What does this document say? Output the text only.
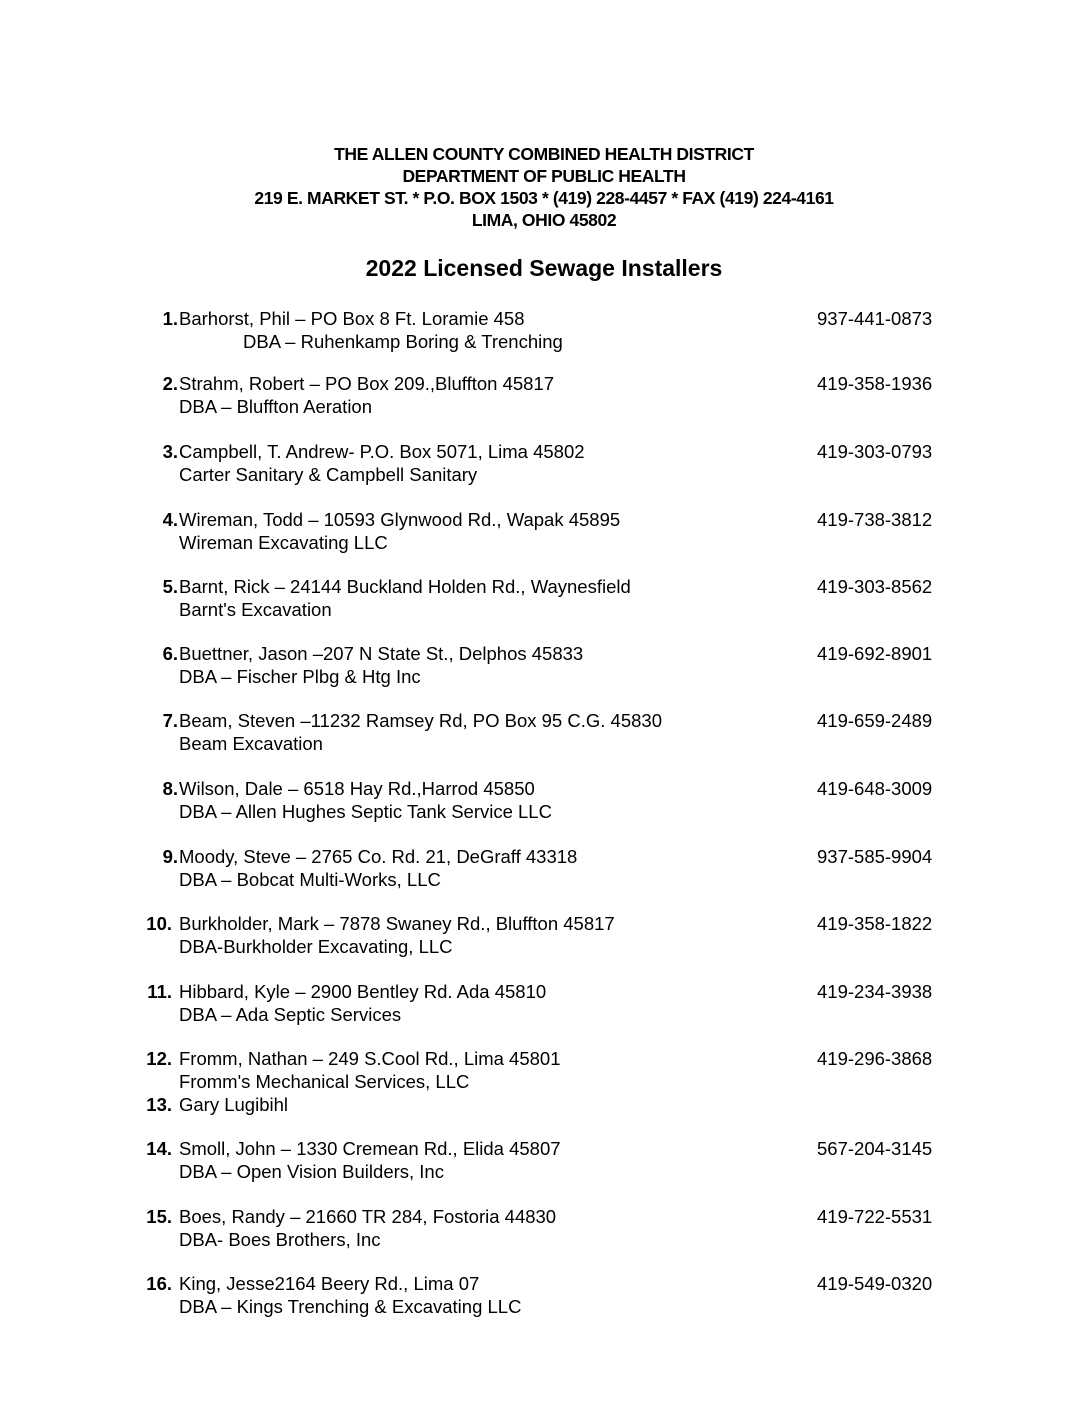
THE ALLEN COUNTY COMBINED HEALTH DISTRICT
DEPARTMENT OF PUBLIC HEALTH
219 E. MARKET ST. * P.O. BOX 1503 * (419) 228-4457 * FAX (419) 224-4161
LIMA, OHIO 45802
2022 Licensed Sewage Installers
1. Barhorst, Phil – PO Box 8 Ft. Loramie 458
DBA – Ruhenkamp Boring & Trenching
937-441-0873
2. Strahm, Robert – PO Box 209.,Bluffton 45817
DBA – Bluffton Aeration
419-358-1936
3. Campbell, T. Andrew- P.O. Box 5071, Lima 45802
Carter Sanitary & Campbell Sanitary
419-303-0793
4. Wireman, Todd – 10593 Glynwood Rd., Wapak 45895
Wireman Excavating LLC
419-738-3812
5. Barnt, Rick – 24144 Buckland Holden Rd., Waynesfield
Barnt's Excavation
419-303-8562
6. Buettner, Jason –207 N State St., Delphos 45833
DBA – Fischer Plbg & Htg Inc
419-692-8901
7. Beam, Steven –11232 Ramsey Rd, PO Box 95 C.G. 45830
Beam Excavation
419-659-2489
8. Wilson, Dale – 6518 Hay Rd.,Harrod 45850
DBA – Allen Hughes Septic Tank Service LLC
419-648-3009
9. Moody, Steve – 2765 Co. Rd. 21, DeGraff 43318
DBA – Bobcat Multi-Works, LLC
937-585-9904
10. Burkholder, Mark – 7878 Swaney Rd., Bluffton 45817
DBA-Burkholder Excavating, LLC
419-358-1822
11. Hibbard, Kyle – 2900 Bentley Rd. Ada 45810
DBA – Ada Septic Services
419-234-3938
12. Fromm, Nathan – 249 S.Cool Rd., Lima 45801
Fromm's Mechanical Services, LLC
419-296-3868
13. Gary Lugibihl
14. Smoll, John – 1330 Cremean Rd., Elida 45807
DBA – Open Vision Builders, Inc
567-204-3145
15. Boes, Randy – 21660 TR 284, Fostoria 44830
DBA- Boes Brothers, Inc
419-722-5531
16. King, Jesse2164 Beery Rd., Lima 07
DBA – Kings Trenching & Excavating LLC
419-549-0320
